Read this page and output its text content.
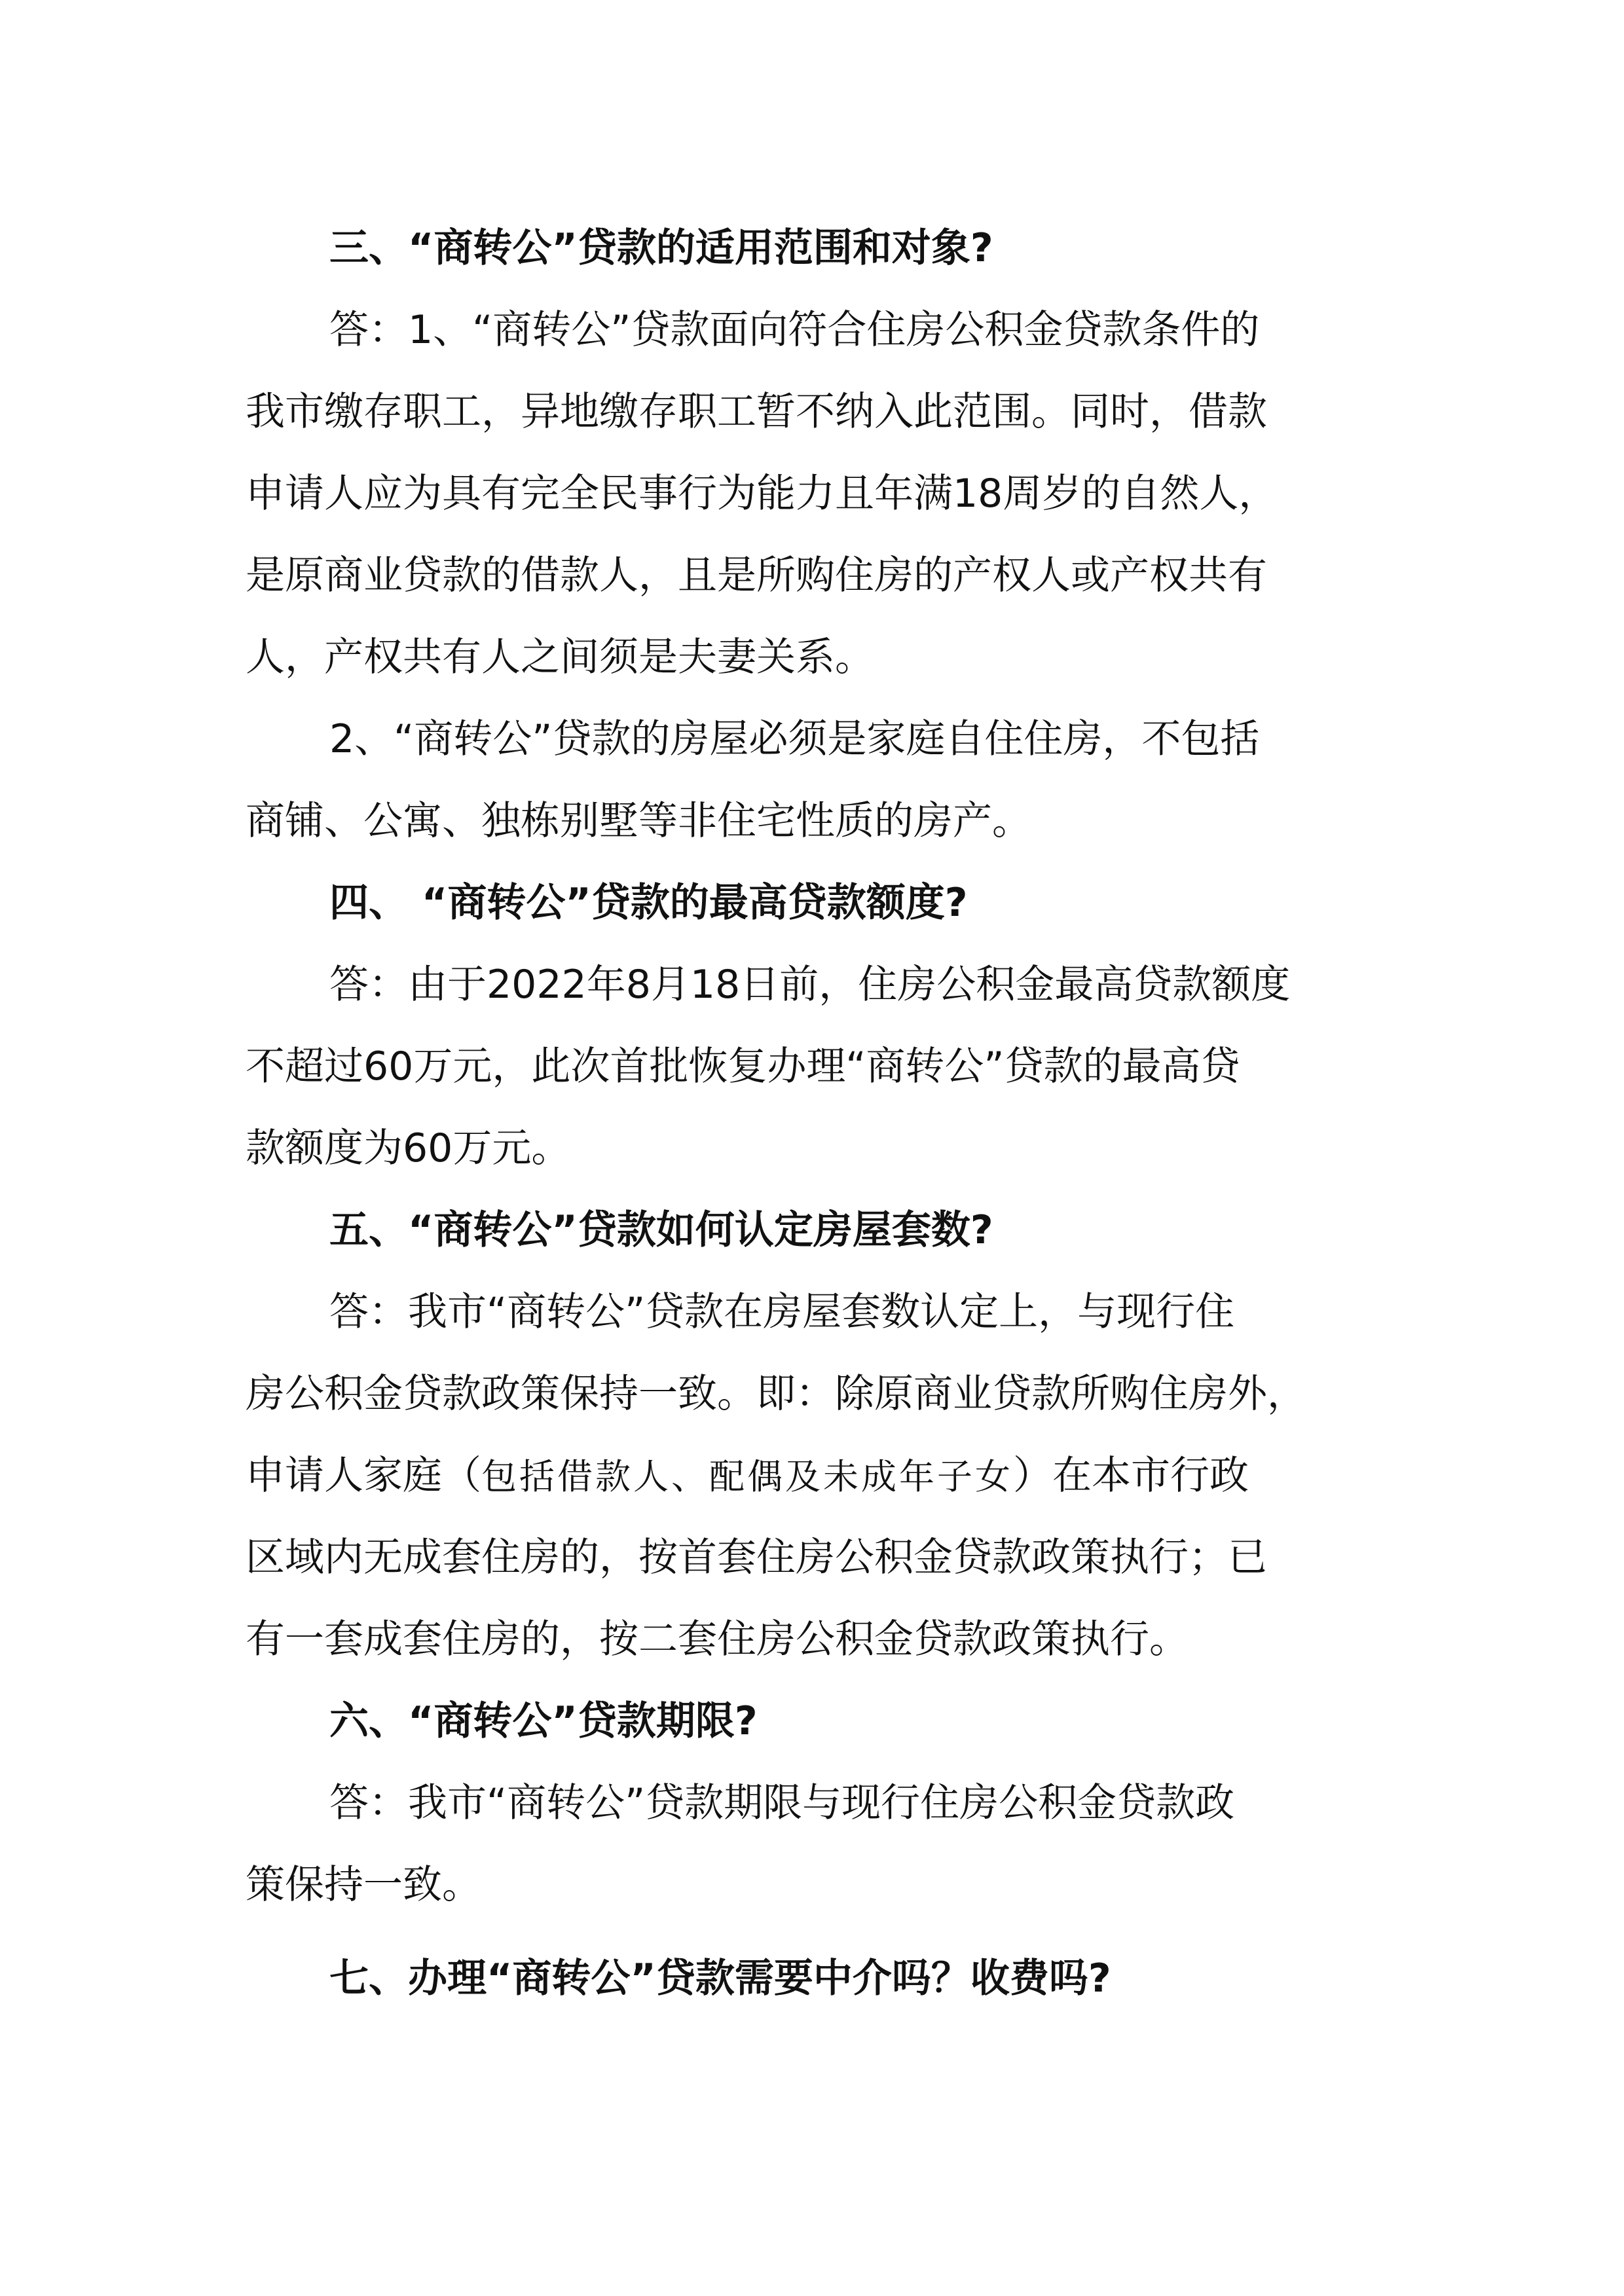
三、“商转公”贷款的适用范围和对象?
答：1、“商转公”贷款面向符合住房公积金贷款条件的
我市缴存职工，异地缴存职工暂不纳入此范围。同时，借款
申请人应为具有完全民事行为能力且年满18周岁的自然人，
是原商业贷款的借款人，且是所购住房的产权人或产权共有
人，产权共有人之间须是夫妻关系。
2、“商转公”贷款的房屋必须是家庭自住住房，不包括
商铺、公寓、独栋别墅等非住宅性质的房产。
四、 “商转公”贷款的最高贷款额度?
答：由于2022年8月18日前，住房公积金最高贷款额度
不超过60万元，此次首批恢复办理“商转公”贷款的最高贷
款额度为60万元。
五、“商转公”贷款如何认定房屋套数?
答：我市“商转公”贷款在房屋套数认定上，与现行住
房公积金贷款政策保持一致。即：除原商业贷款所购住房外，
申请人家庭（包括借款人、配偶及未成年子女）在本市行政
区域内无成套住房的，按首套住房公积金贷款政策执行；已
有一套成套住房的，按二套住房公积金贷款政策执行。
六、“商转公”贷款期限?
答：我市“商转公”贷款期限与现行住房公积金贷款政
策保持一致。
七、办理“商转公”贷款需要中介吗？收费吗?
